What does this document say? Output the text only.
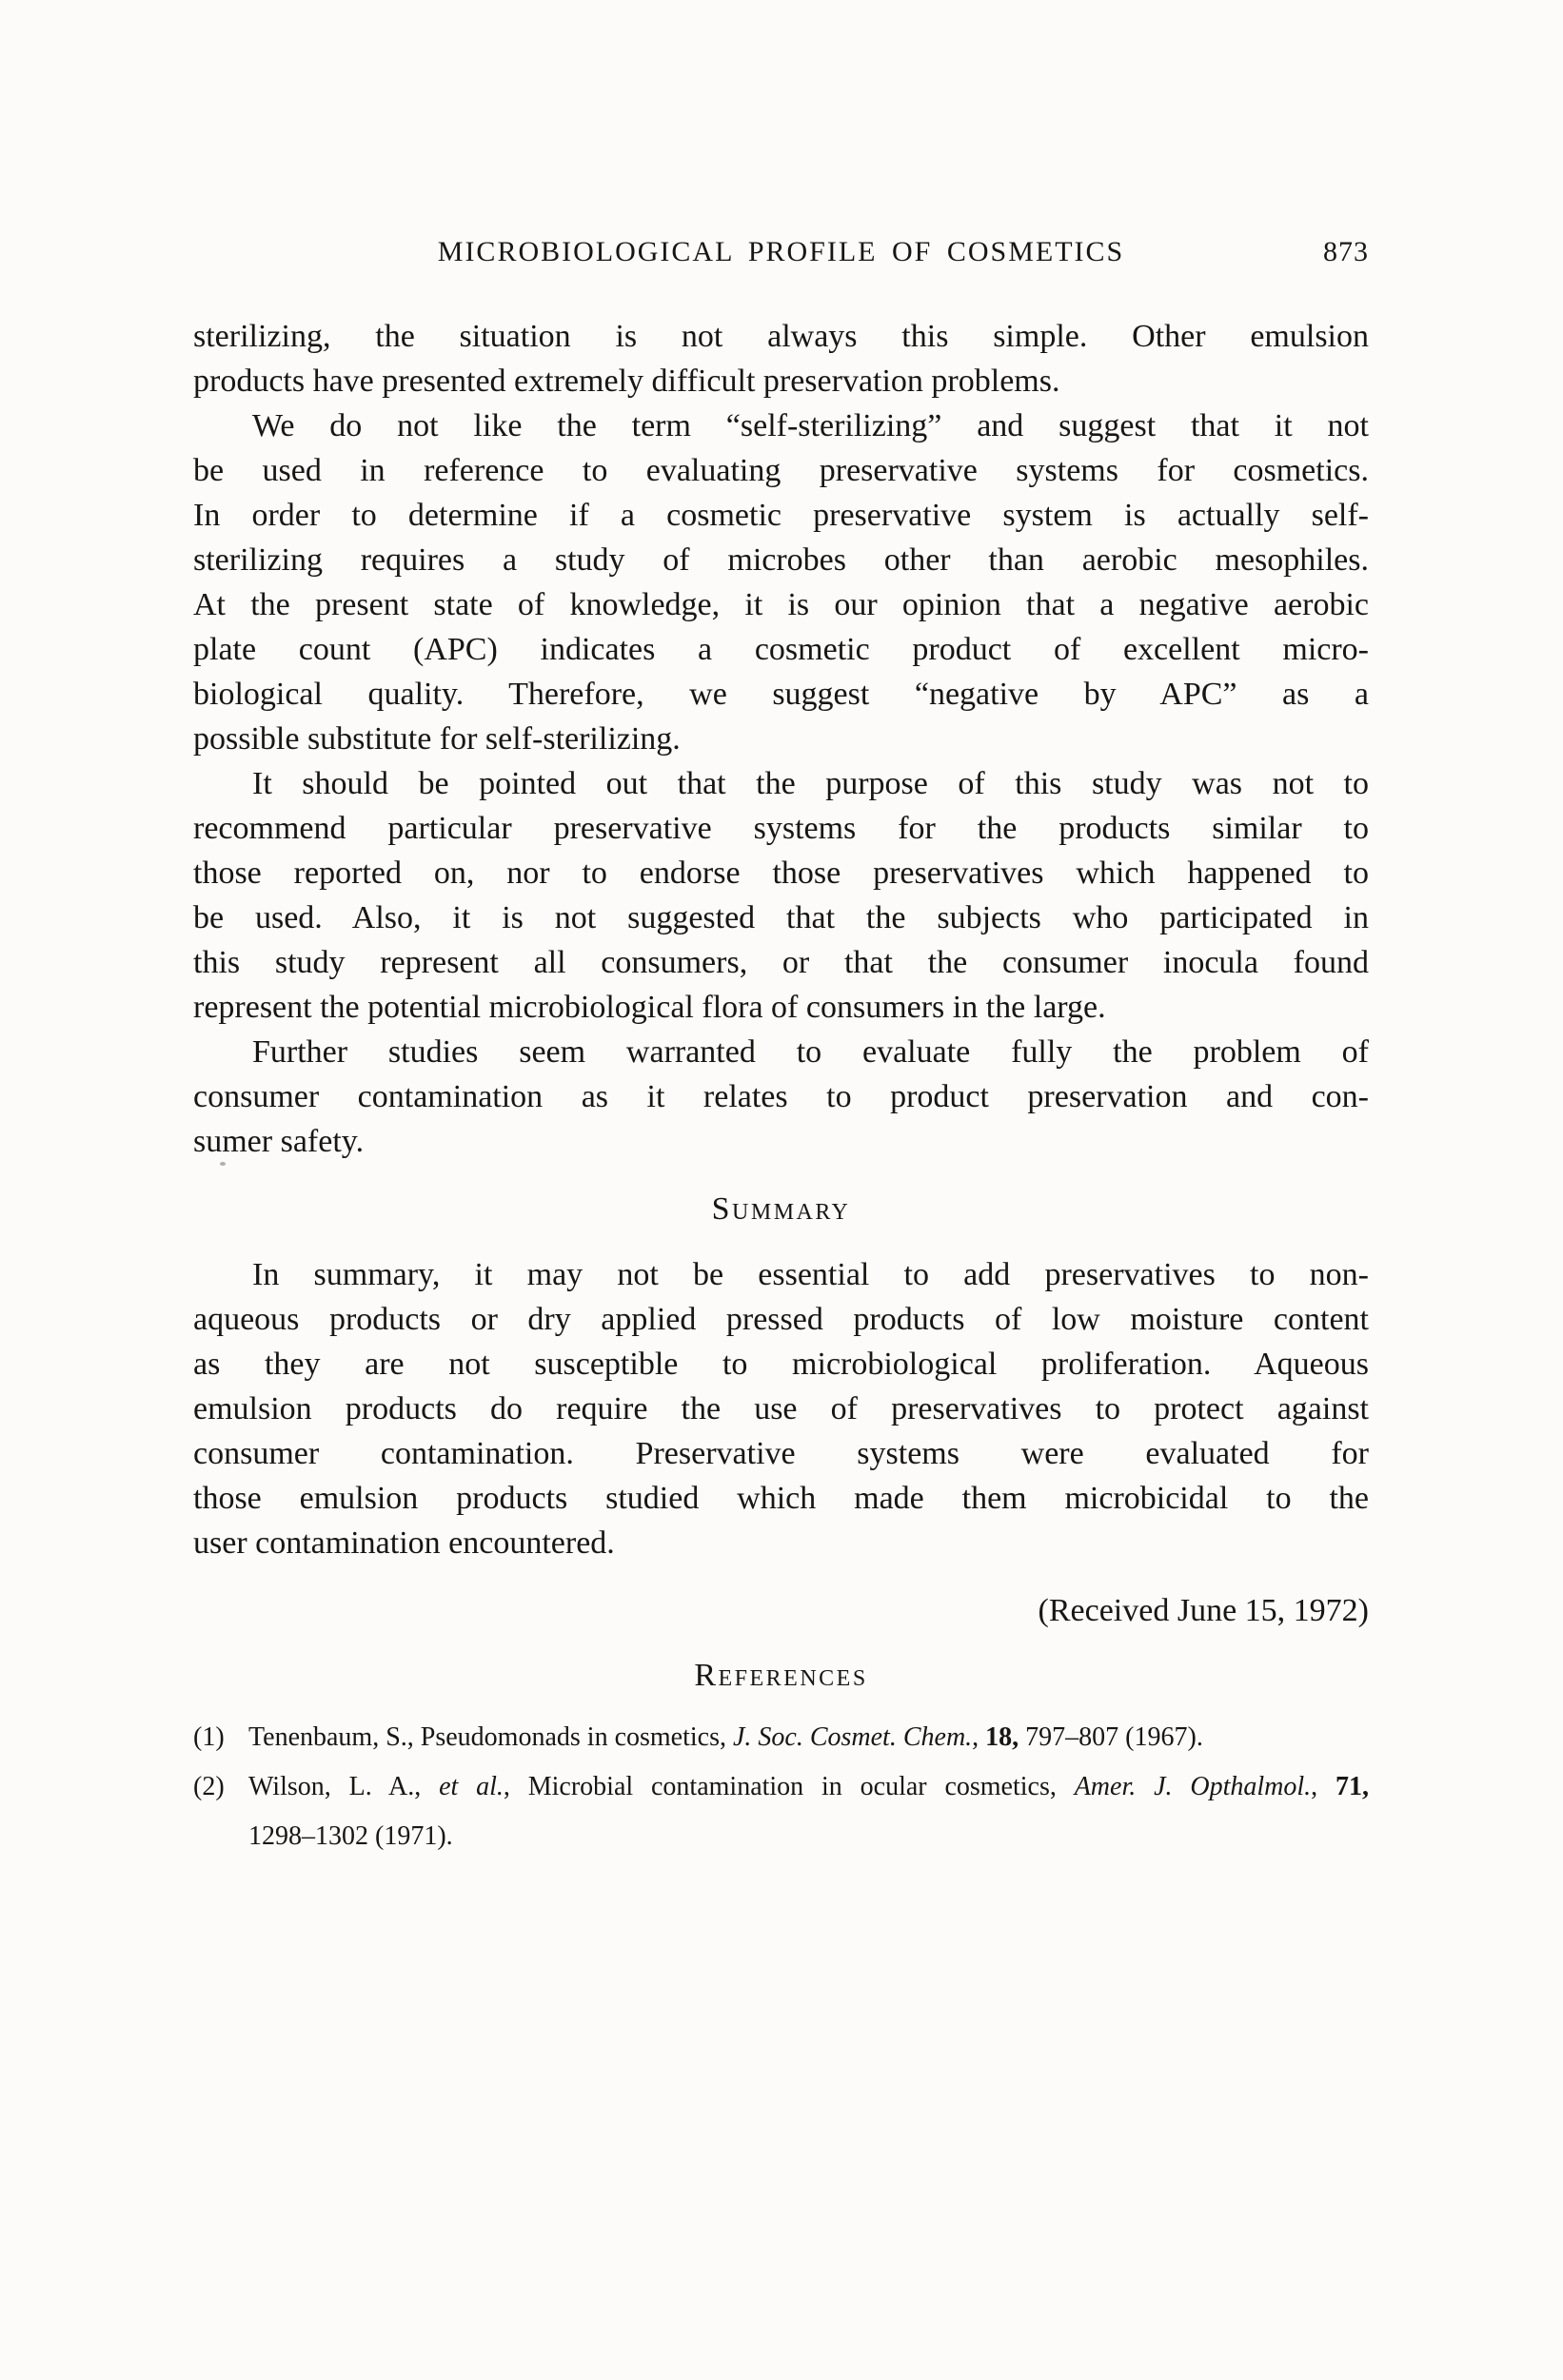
MICROBIOLOGICAL PROFILE OF COSMETICS	873
sterilizing, the situation is not always this simple. Other emulsion
products have presented extremely difficult preservation problems.
We do not like the term “self-sterilizing” and suggest that it not
be used in reference to evaluating preservative systems for cosmetics.
In order to determine if a cosmetic preservative system is actually self-
sterilizing requires a study of microbes other than aerobic mesophiles.
At the present state of knowledge, it is our opinion that a negative aerobic
plate count (APC) indicates a cosmetic product of excellent micro-
biological quality. Therefore, we suggest “negative by APC” as a
possible substitute for self-sterilizing.
It should be pointed out that the purpose of this study was not to
recommend particular preservative systems for the products similar to
those reported on, nor to endorse those preservatives which happened to
be used. Also, it is not suggested that the subjects who participated in
this study represent all consumers, or that the consumer inocula found
represent the potential microbiological flora of consumers in the large.
Further studies seem warranted to evaluate fully the problem of
consumer contamination as it relates to product preservation and con-
sumer safety.
Summary
In summary, it may not be essential to add preservatives to non-
aqueous products or dry applied pressed products of low moisture content
as they are not susceptible to microbiological proliferation. Aqueous
emulsion products do require the use of preservatives to protect against
consumer contamination. Preservative systems were evaluated for
those emulsion products studied which made them microbicidal to the
user contamination encountered.
(Received June 15, 1972)
References
(1) Tenenbaum, S., Pseudomonads in cosmetics, J. Soc. Cosmet. Chem., 18, 797–807 (1967).
(2) Wilson, L. A., et al., Microbial contamination in ocular cosmetics, Amer. J. Opthalmol., 71,
1298–1302 (1971).
